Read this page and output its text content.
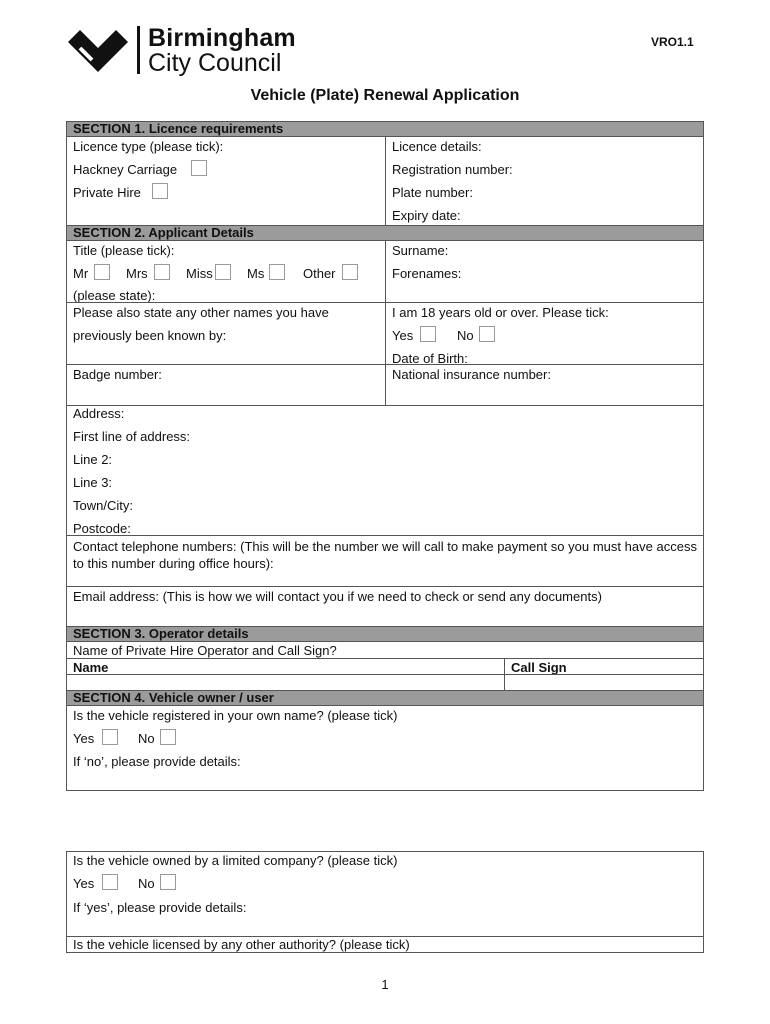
Birmingham
City Council
VRO1.1
Vehicle (Plate) Renewal Application
SECTION 1. Licence requirements
Licence type (please tick):
Hackney Carriage
Private Hire
Licence details:
Registration number:
Plate number:
Expiry date:
SECTION 2. Applicant Details
Title (please tick):
Mr	Mrs	Miss	Ms	Other
(please state):
Surname:
Forenames:
Please also state any other names you have
previously been known by:
I am 18 years old or over. Please tick:
Yes	No
Date of Birth:
Badge number:	National insurance number:
Address:
First line of address:
Line 2:
Line 3:
Town/City:
Postcode:
Contact telephone numbers: (This will be the number we will call to make payment so you must have access to this number during office hours):
Email address: (This is how we will contact you if we need to check or send any documents)
SECTION 3. Operator details
Name of Private Hire Operator and Call Sign?
Name	Call Sign
SECTION 4. Vehicle owner / user
Is the vehicle registered in your own name? (please tick)
Yes	No
If ‘no’, please provide details:
Is the vehicle owned by a limited company? (please tick)
Yes	No
If ‘yes’, please provide details:
Is the vehicle licensed by any other authority? (please tick)
1
